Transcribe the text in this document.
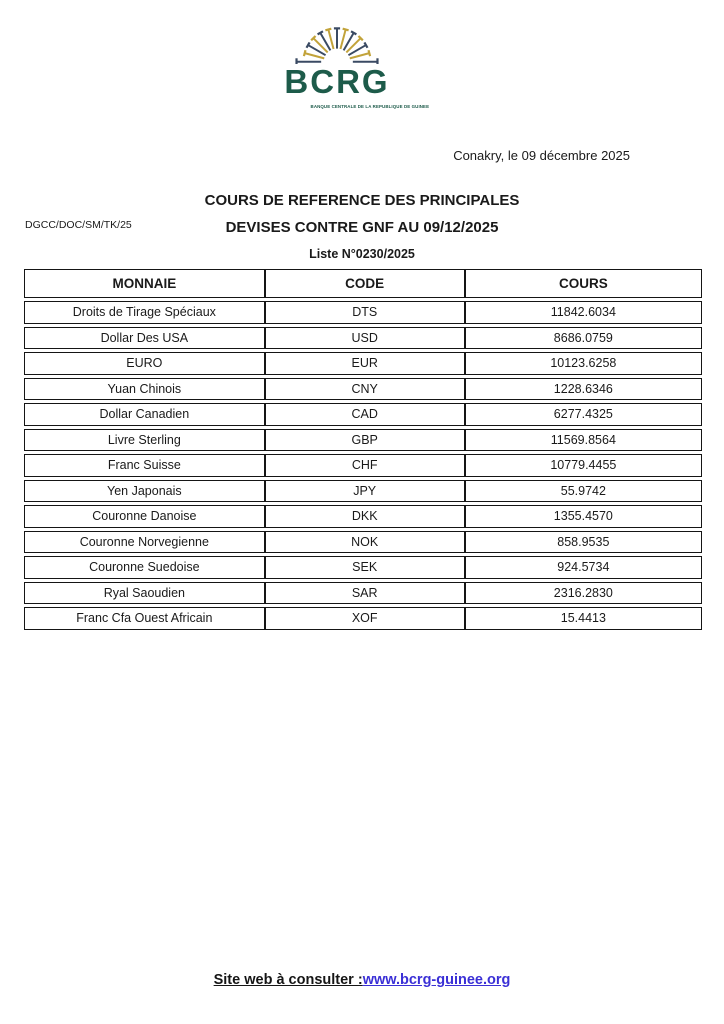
BCRG
BANQUE CENTRALE DE LA REPUBLIQUE DE GUINEE
Conakry, le 09 décembre 2025
DGCC/DOC/SM/TK/25
COURS DE REFERENCE DES PRINCIPALES
DEVISES CONTRE GNF AU 09/12/2025
Liste N°0230/2025
MONNAIE	CODE	COURS
Droits de Tirage Spéciaux	DTS	11842.6034
Dollar Des USA	USD	8686.0759
EURO	EUR	10123.6258
Yuan Chinois	CNY	1228.6346
Dollar Canadien	CAD	6277.4325
Livre Sterling	GBP	11569.8564
Franc Suisse	CHF	10779.4455
Yen Japonais	JPY	55.9742
Couronne Danoise	DKK	1355.4570
Couronne Norvegienne	NOK	858.9535
Couronne Suedoise	SEK	924.5734
Ryal Saoudien	SAR	2316.2830
Franc Cfa Ouest Africain	XOF	15.4413
Site web à consulter :www.bcrg-guinee.org
